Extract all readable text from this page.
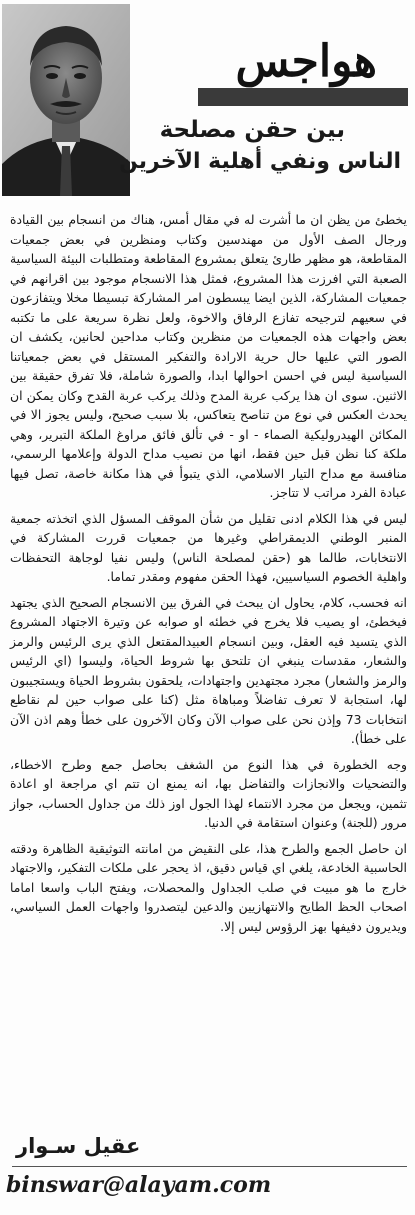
هواجس
بين حقن مصلحة
الناس ونفي أهلية الآخرين

يخطئ من يظن ان ما أشرت له في مقال أمس، هناك من انسجام بين القيادة ورجال الصف الأول من مهندسين وكتاب ومنظرين في بعض جمعيات المقاطعة، هو مظهر طارئ يتعلق بمشروع المقاطعة ومتطلبات البيئة السياسية الصعبة التي افرزت هذا المشروع، فمثل هذا الانسجام موجود بين اقرانهم في جمعيات المشاركة، الذين ايضا يبسطون امر المشاركة تبسيطا مخلا ويتفازعون في سعيهم لترجيحه تفازع الرفاق والاخوة، ولعل نظرة سريعة على ما تكتبه بعض واجهات هذه الجمعيات من منظرين وكتاب مداحين لحانين، يكشف ان الصور التي عليها حال حرية الارادة والتفكير المستقل في بعض جمعياتنا السياسية ليس في احسن احوالها ابدا، والصورة شاملة، فلا تفرق حقيقة بين الاثنين. سوى ان هذا يركب عربة المدح وذلك يركب عربة القدح وكان يمكن ان يحدث العكس في نوع من تناصح يتعاكس، بلا سبب صحيح، وليس يجوز الا في المكائن الهيدروليكية الصماء - او - في تألق فائق مراوغ الملكة التبرير، وهي ملكة كنا نظن قبل حين فقط، انها من نصيب مداح الدولة وإعلامها الرسمي، منافسة مع مداح التيار الاسلامي، الذي يتبوأ في هذا مكانة خاصة، تصل فيها عبادة الفرد مراتب لا تتاجز.

ليس في هذا الكلام ادنى تقليل من شأن الموقف المسؤل الذي اتخذته جمعية المنبر الوطني الديمقراطي وغيرها من جمعيات قررت المشاركة في الانتخابات، طالما هو (حقن لمصلحة الناس) وليس نفيا لوجاهة التحفظات واهلية الخصوم السياسيين، فهذا الحقن مفهوم ومقدر تماما.

انه فحسب، كلام، يحاول ان يبحث في الفرق بين الانسجام الصحيح الذي يجتهد فيخطئ، او يصيب فلا يخرج في خطئه او صوابه عن وتيرة الاجتهاد المشروع الذي يتسيد فيه العقل، وبين انسجام العبيدالمقتعل الذي يرى الرئيس والرمز والشعار، مقدسات ينبغي ان تلتحق بها شروط الحياة، وليسوا (اي الرئيس والرمز والشعار) مجرد مجتهدين واجتهادات، يلحقون بشروط الحياة ويستجيبون لها، استجابة لا تعرف تفاضلاً ومباهاة مثل (كنا على صواب حين لم نقاطع انتخابات 73 وإذن نحن على صواب الآن وكان الآخرون على خطأ وهم اذن الآن على خطأ).

وجه الخطورة في هذا النوع من الشغف بحاصل جمع وطرح الاخطاء، والتضحيات والانجازات والتفاضل بها، انه يمنع ان تتم اي مراجعة او اعادة تثمين، ويجعل من مجرد الانتماء لهذا الجول اوز ذلك من جداول الحساب، جواز مرور (للجنة) وعنوان استقامة في الدنيا.

ان حاصل الجمع والطرح هذا، على النقيض من امانته التوثيقية الظاهرة ودقته الحاسبية الخادعة، يلغي اي قياس دقيق، اذ يحجر على ملكات التفكير، والاجتهاد خارج ما هو مبيت في صلب الجداول والمحصلات، ويفتح الباب واسعا اماما اصحاب الحظ الطايح والانتهازيين والدعين ليتصدروا واجهات العمل السياسي، ويديرون دفيفها بهز الرؤوس ليس إلا.

عقيل سـوار
binswar@alayam.com
